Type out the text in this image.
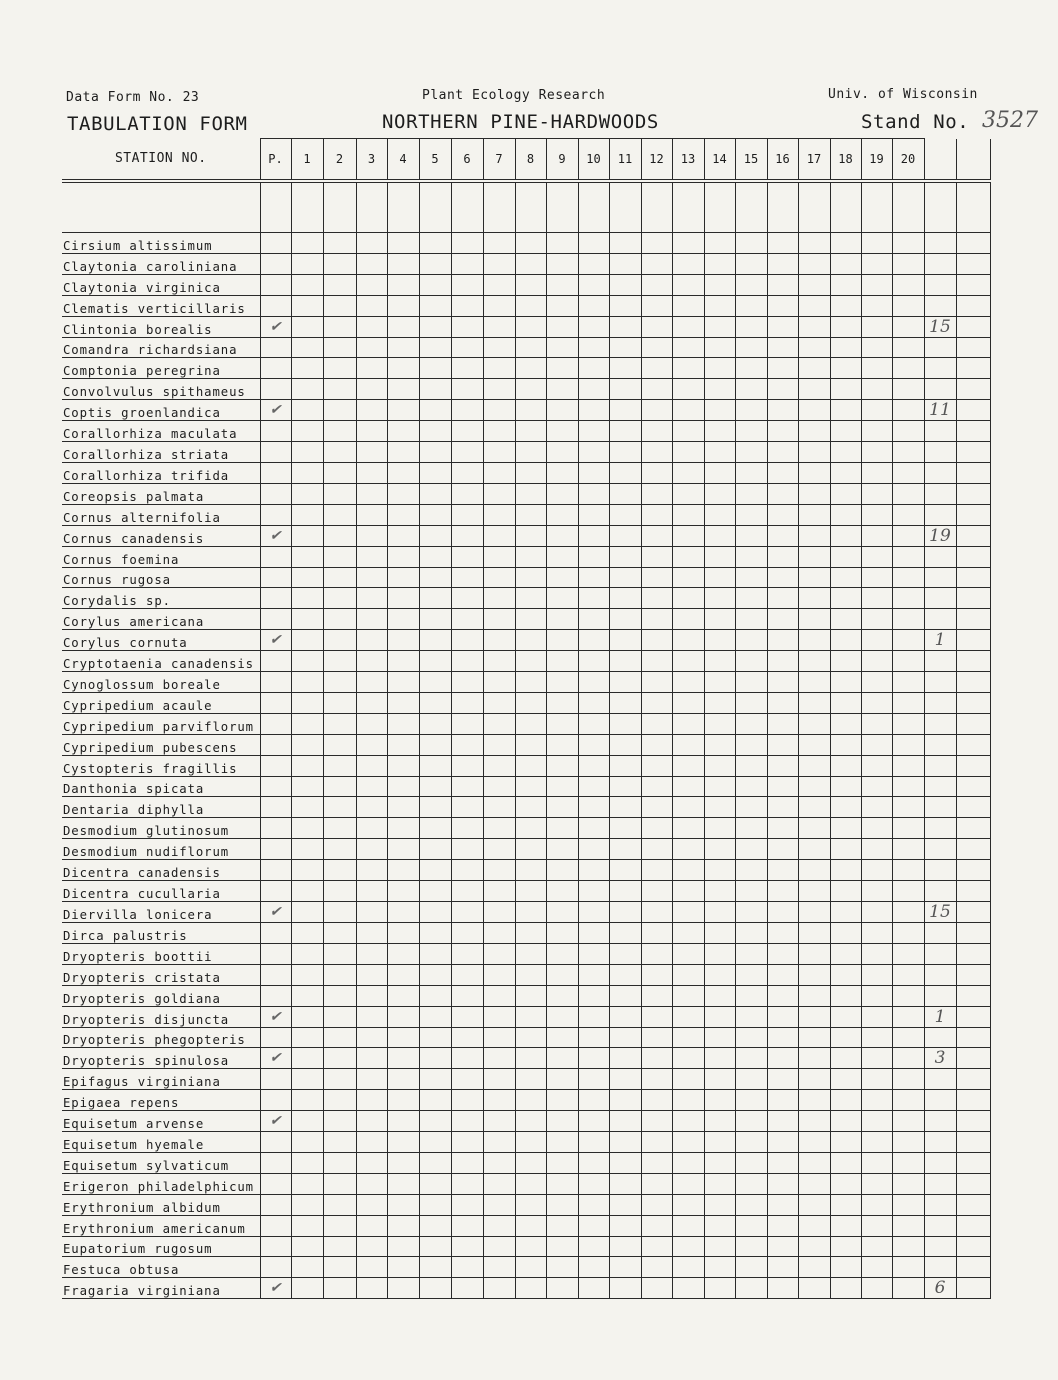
Data Form No. 23	Plant Ecology Research	Univ. of Wisconsin
TABULATION FORM	NORTHERN PINE-HARDWOODS	Stand No. 3527
STATION NO.	P.	1	2	3	4	5	6	7	8	9	10	11	12	13	14	15	16	17	18	19	20		

Cirsium altissimum																							
Claytonia caroliniana																							
Claytonia virginica																							
Clematis verticillaris																							
Clintonia borealis	✔																					15	
Comandra richardsiana																							
Comptonia peregrina																							
Convolvulus spithameus																							
Coptis groenlandica	✔																					11	
Corallorhiza maculata																							
Corallorhiza striata																							
Corallorhiza trifida																							
Coreopsis palmata																							
Cornus alternifolia																							
Cornus canadensis	✔																					19	
Cornus foemina																							
Cornus rugosa																							
Corydalis sp.																							
Corylus americana																							
Corylus cornuta	✔																					1	
Cryptotaenia canadensis																							
Cynoglossum boreale																							
Cypripedium acaule																							
Cypripedium parviflorum																							
Cypripedium pubescens																							
Cystopteris fragillis																							
Danthonia spicata																							
Dentaria diphylla																							
Desmodium glutinosum																							
Desmodium nudiflorum																							
Dicentra canadensis																							
Dicentra cucullaria																							
Diervilla lonicera	✔																					15	
Dirca palustris																							
Dryopteris boottii																							
Dryopteris cristata																							
Dryopteris goldiana																							
Dryopteris disjuncta	✔																					1	
Dryopteris phegopteris																							
Dryopteris spinulosa	✔																					3	
Epifagus virginiana																							
Epigaea repens																							
Equisetum arvense	✔																						
Equisetum hyemale																							
Equisetum sylvaticum																							
Erigeron philadelphicum																							
Erythronium albidum																							
Erythronium americanum																							
Eupatorium rugosum																							
Festuca obtusa																							
Fragaria virginiana	✔																					6	
